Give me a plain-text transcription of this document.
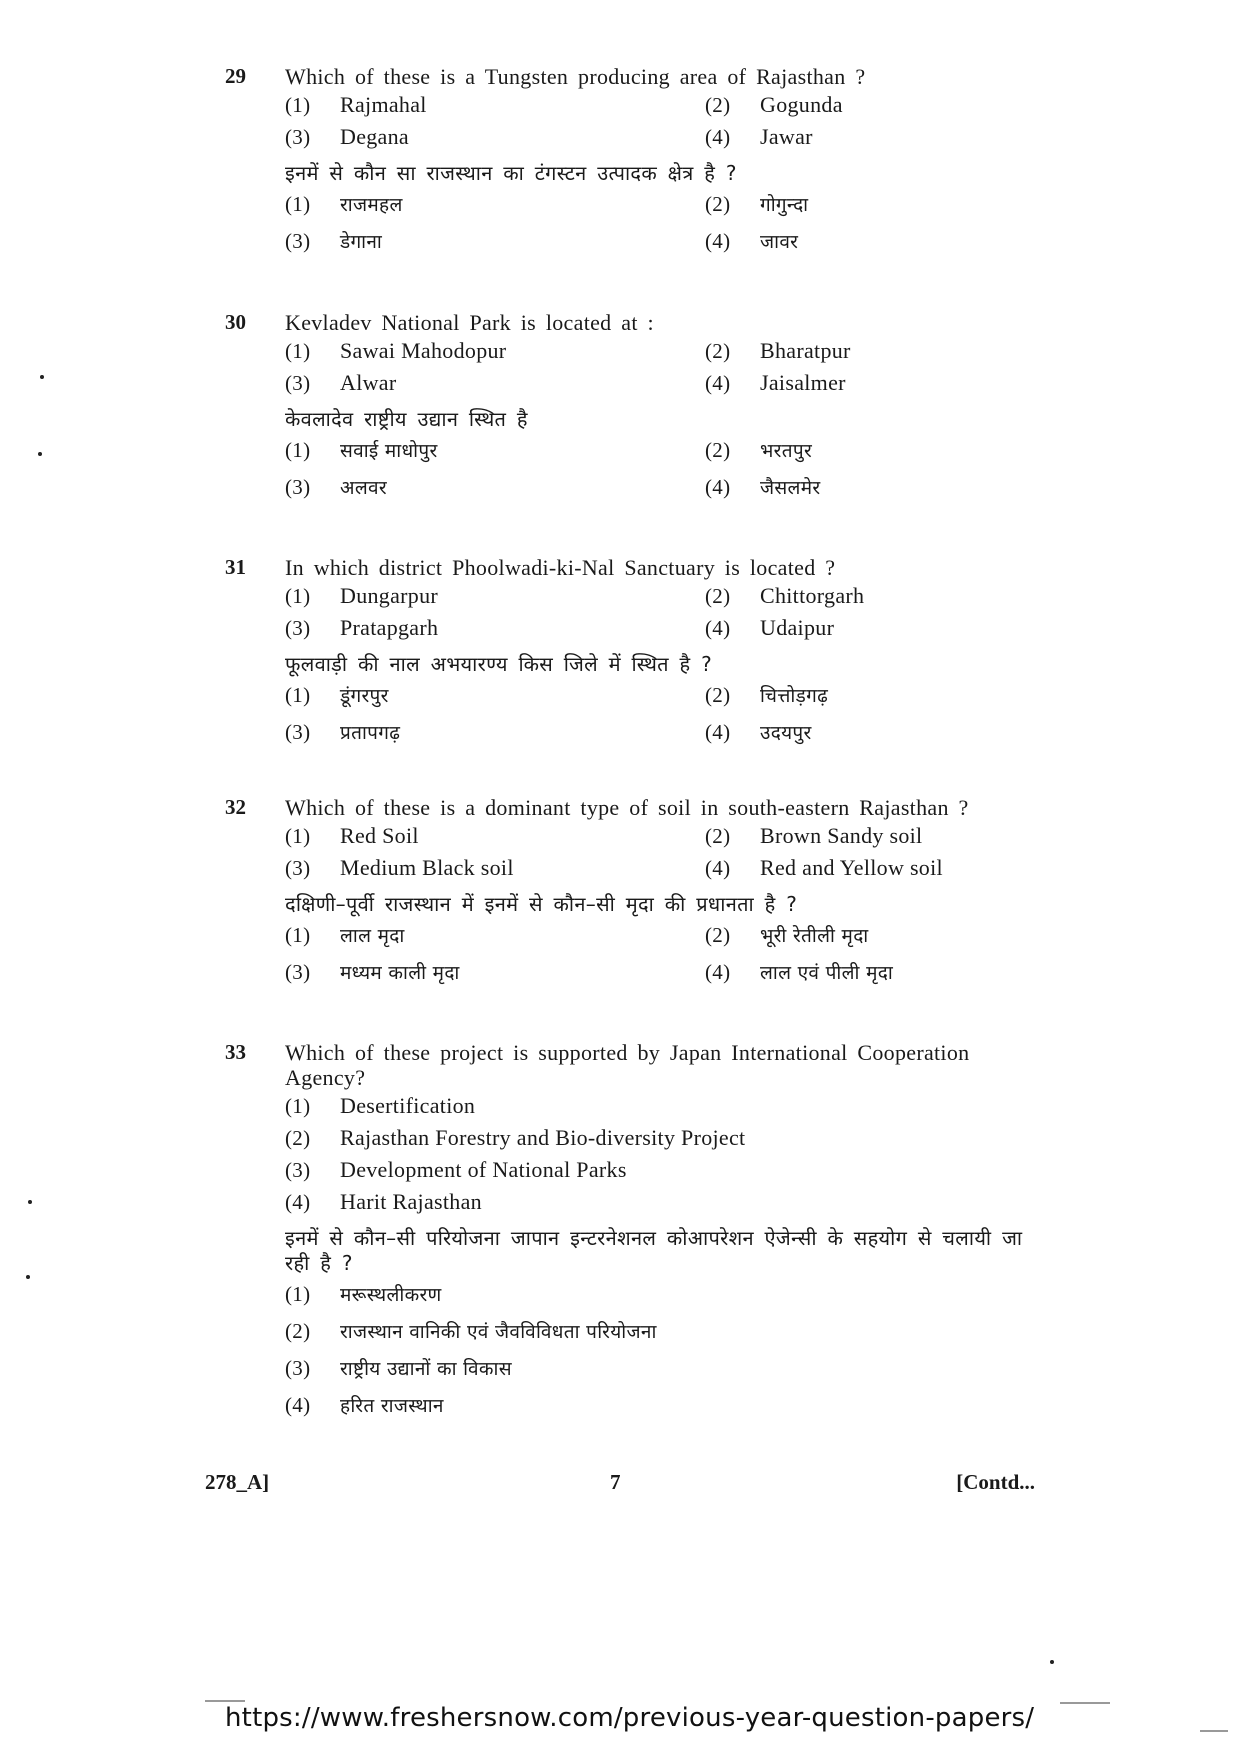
29 Which of these is a Tungsten producing area of Rajasthan ?
(1)	Rajmahal	(2)	Gogunda
(3)	Degana	(4)	Jawar
इनमें से कौन सा राजस्थान का टंगस्टन उत्पादक क्षेत्र है ?
(1)	राजमहल	(2)	गोगुन्दा
(3)	डेगाना	(4)	जावर
30 Kevladev National Park is located at :
(1)	Sawai Mahodopur	(2)	Bharatpur
(3)	Alwar	(4)	Jaisalmer
केवलादेव राष्ट्रीय उद्यान स्थित है
(1)	सवाई माधोपुर	(2)	भरतपुर
(3)	अलवर	(4)	जैसलमेर
31 In which district Phoolwadi-ki-Nal Sanctuary is located ?
(1)	Dungarpur	(2)	Chittorgarh
(3)	Pratapgarh	(4)	Udaipur
फूलवाड़ी की नाल अभयारण्य किस जिले में स्थित है ?
(1)	डूंगरपुर	(2)	चित्तोड़गढ़
(3)	प्रतापगढ़	(4)	उदयपुर
32 Which of these is a dominant type of soil in south-eastern Rajasthan ?
(1)	Red Soil	(2)	Brown Sandy soil
(3)	Medium Black soil	(4)	Red and Yellow soil
दक्षिणी–पूर्वी राजस्थान में इनमें से कौन–सी मृदा की प्रधानता है ?
(1)	लाल मृदा	(2)	भूरी रेतीली मृदा
(3)	मध्यम काली मृदा	(4)	लाल एवं पीली मृदा
33 Which of these project is supported by Japan International Cooperation Agency?
(1)	Desertification
(2)	Rajasthan Forestry and Bio-diversity Project
(3)	Development of National Parks
(4)	Harit Rajasthan
इनमें से कौन–सी परियोजना जापान इन्टरनेशनल कोआपरेशन ऐजेन्सी के सहयोग से चलायी जा रही है ?
(1)	मरूस्थलीकरण
(2)	राजस्थान वानिकी एवं जैवविविधता परियोजना
(3)	राष्ट्रीय उद्यानों का विकास
(4)	हरित राजस्थान
278_A]	7	[Contd...
https://www.freshersnow.com/previous-year-question-papers/
